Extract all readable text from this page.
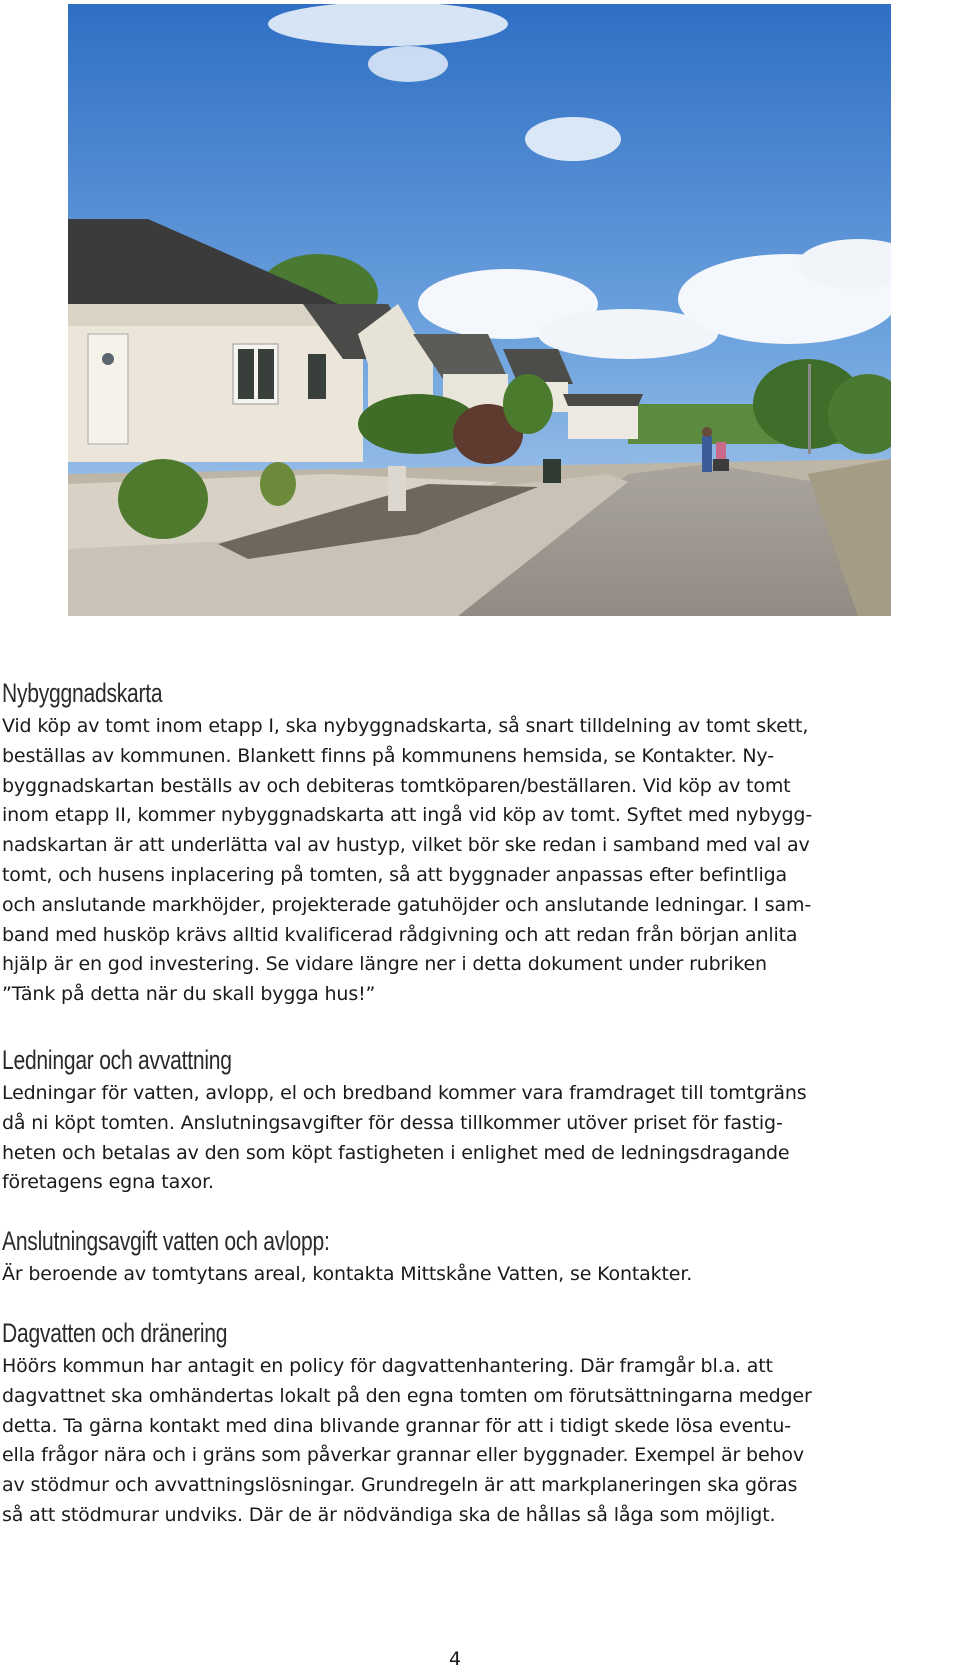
Nybyggnadskarta

Vid köp av tomt inom etapp I, ska nybyggnadskarta, så snart tilldelning av tomt skett,
beställas av kommunen. Blankett finns på kommunens hemsida, se Kontakter. Ny-
byggnadskartan beställs av och debiteras tomtköparen/beställaren. Vid köp av tomt
inom etapp II, kommer nybyggnadskarta att ingå vid köp av tomt. Syftet med nybygg-
nadskartan är att underlätta val av hustyp, vilket bör ske redan i samband med val av
tomt, och husens inplacering på tomten, så att byggnader anpassas efter befintliga
och anslutande markhöjder, projekterade gatuhöjder och anslutande ledningar. I sam-
band med husköp krävs alltid kvalificerad rådgivning och att redan från början anlita
hjälp är en god investering. Se vidare längre ner i detta dokument under rubriken
”Tänk på detta när du skall bygga hus!”

Ledningar och avvattning

Ledningar för vatten, avlopp, el och bredband kommer vara framdraget till tomtgräns
då ni köpt tomten. Anslutningsavgifter för dessa tillkommer utöver priset för fastig-
heten och betalas av den som köpt fastigheten i enlighet med de ledningsdragande
företagens egna taxor.

Anslutningsavgift vatten och avlopp:

Är beroende av tomtytans areal, kontakta Mittskåne Vatten, se Kontakter.

Dagvatten och dränering

Höörs kommun har antagit en policy för dagvattenhantering. Där framgår bl.a. att
dagvattnet ska omhändertas lokalt på den egna tomten om förutsättningarna medger
detta. Ta gärna kontakt med dina blivande grannar för att i tidigt skede lösa eventu-
ella frågor nära och i gräns som påverkar grannar eller byggnader. Exempel är behov
av stödmur och avvattningslösningar. Grundregeln är att markplaneringen ska göras
så att stödmurar undviks. Där de är nödvändiga ska de hållas så låga som möjligt.

4
